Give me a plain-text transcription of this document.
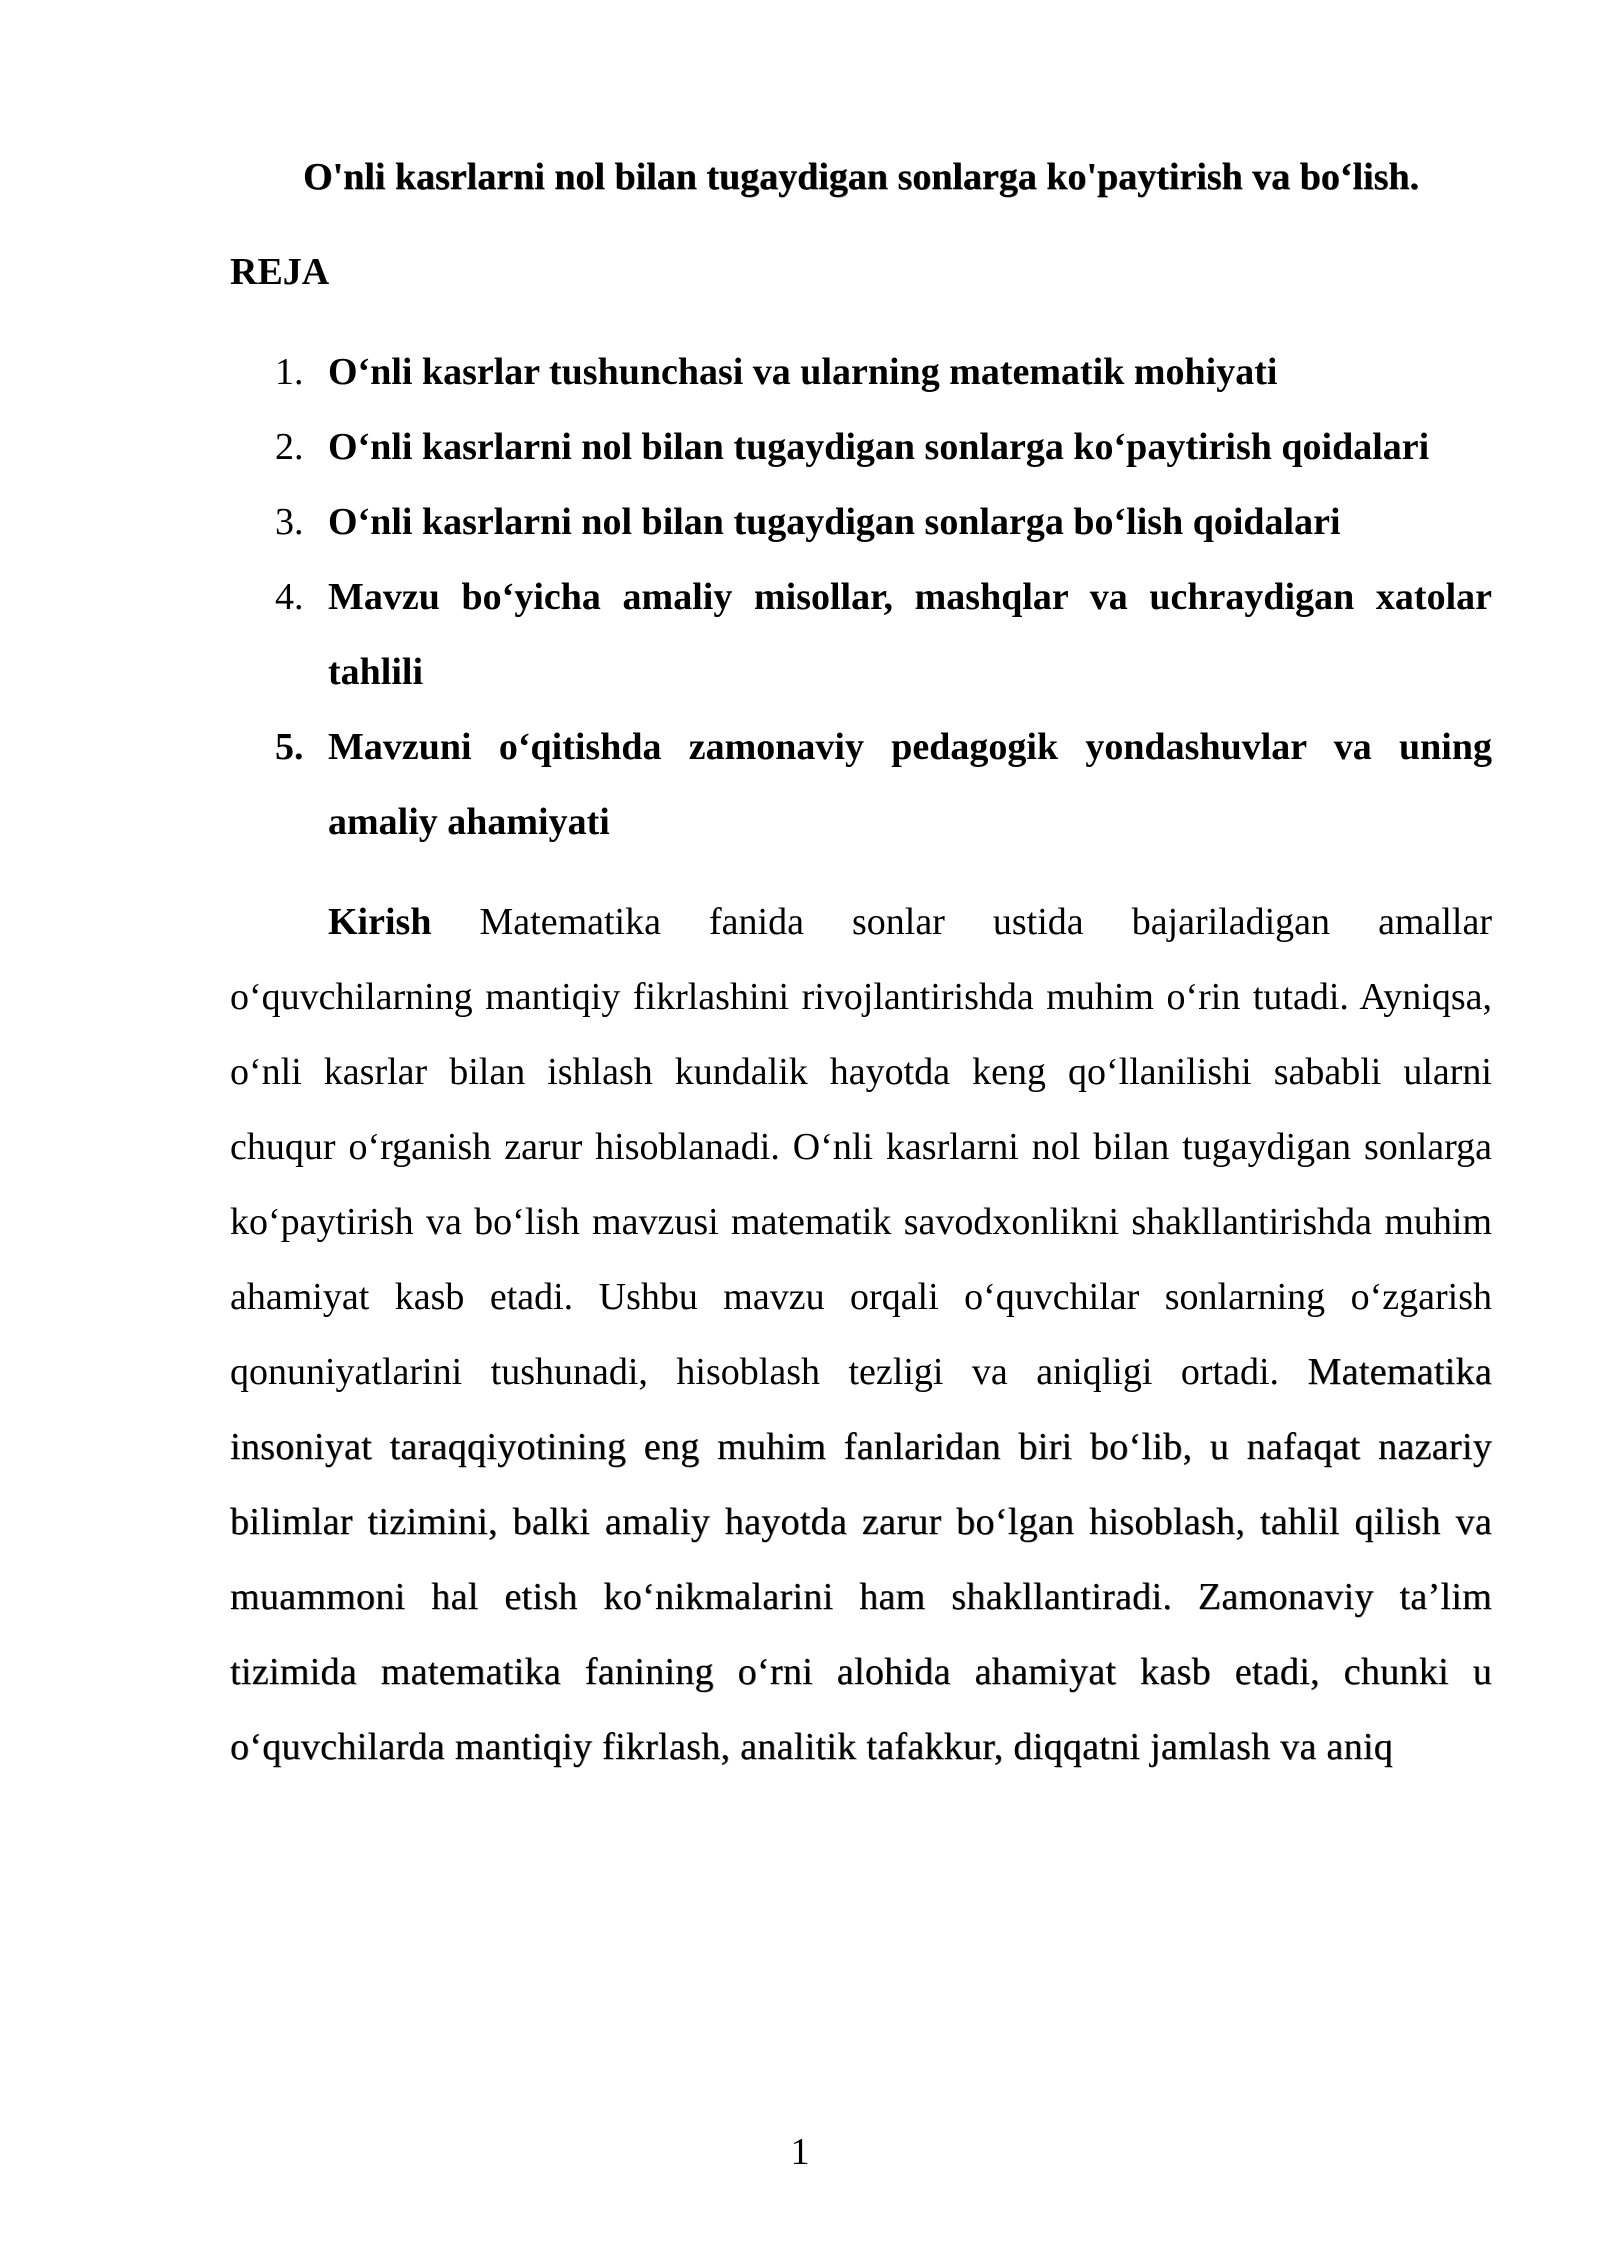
O'nli kasrlarni nol bilan tugaydigan sonlarga ko'paytirish va bo‘lish.
REJA
1. O‘nli kasrlar tushunchasi va ularning matematik mohiyati
2. O‘nli kasrlarni nol bilan tugaydigan sonlarga ko‘paytirish qoidalari
3. O‘nli kasrlarni nol bilan tugaydigan sonlarga bo‘lish qoidalari
4. Mavzu bo‘yicha amaliy misollar, mashqlar va uchraydigan xatolar tahlili
5. Mavzuni o‘qitishda zamonaviy pedagogik yondashuvlar va uning amaliy ahamiyati

Kirish Matematika fanida sonlar ustida bajariladigan amallar o‘quvchilarning mantiqiy fikrlashini rivojlantirishda muhim o‘rin tutadi. Ayniqsa, o‘nli kasrlar bilan ishlash kundalik hayotda keng qo‘llanilishi sababli ularni chuqur o‘rganish zarur hisoblanadi. O‘nli kasrlarni nol bilan tugaydigan sonlarga ko‘paytirish va bo‘lish mavzusi matematik savodxonlikni shakllantirishda muhim ahamiyat kasb etadi. Ushbu mavzu orqali o‘quvchilar sonlarning o‘zgarish qonuniyatlarini tushunadi, hisoblash tezligi va aniqligi ortadi. Matematika insoniyat taraqqiyotining eng muhim fanlaridan biri bo‘lib, u nafaqat nazariy bilimlar tizimini, balki amaliy hayotda zarur bo‘lgan hisoblash, tahlil qilish va muammoni hal etish ko‘nikmalarini ham shakllantiradi. Zamonaviy ta’lim tizimida matematika fanining o‘rni alohida ahamiyat kasb etadi, chunki u o‘quvchilarda mantiqiy fikrlash, analitik tafakkur, diqqatni jamlash va aniq

1
